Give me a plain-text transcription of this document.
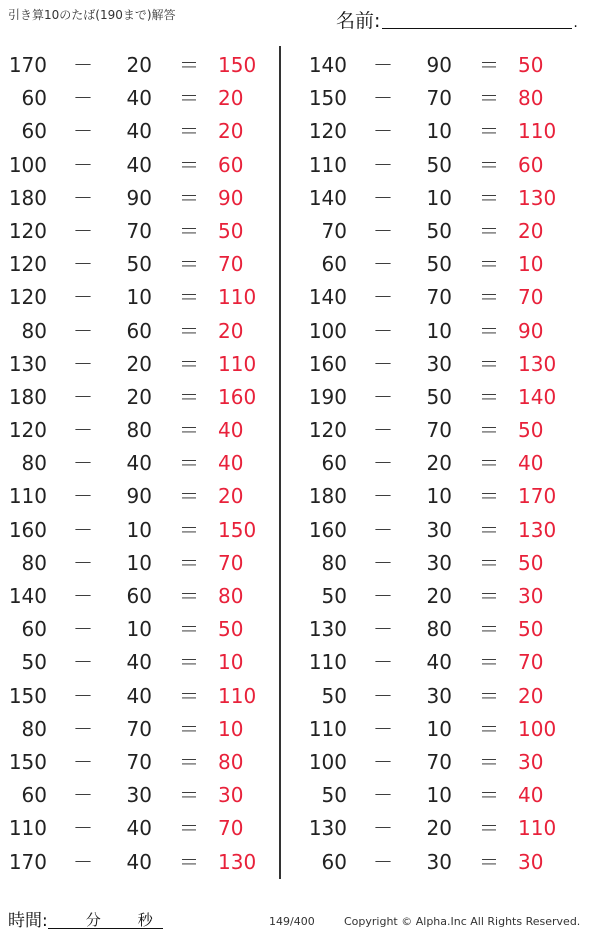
引き算10のたば(190まで)解答	名前:	.
170 －	20 ＝ 150
60 －	40 ＝ 20
60 －	40 ＝ 20
100 －	40 ＝ 60
180 －	90 ＝ 90
120 －	70 ＝ 50
120 －	50 ＝ 70
120 －	10 ＝ 110
80 －	60 ＝ 20
130 －	20 ＝ 110
180 －	20 ＝ 160
120 －	80 ＝ 40
80 －	40 ＝ 40
110 －	90 ＝ 20
160 －	10 ＝ 150
80 －	10 ＝ 70
140 －	60 ＝ 80
60 －	10 ＝ 50
50 －	40 ＝ 10
150 －	40 ＝ 110
80 －	70 ＝ 10
150 －	70 ＝ 80
60 －	30 ＝ 30
110 －	40 ＝ 70
170 －	40 ＝ 130
140 －	90 ＝ 50
150 －	70 ＝ 80
120 －	10 ＝ 110
110 －	50 ＝ 60
140 －	10 ＝ 130
70 －	50 ＝ 20
60 －	50 ＝ 10
140 －	70 ＝ 70
100 －	10 ＝ 90
160 －	30 ＝ 130
190 －	50 ＝ 140
120 －	70 ＝ 50
60 －	20 ＝ 40
180 －	10 ＝ 170
160 －	30 ＝ 130
80 －	30 ＝ 50
50 －	20 ＝ 30
130 －	80 ＝ 50
110 －	40 ＝ 70
50 －	30 ＝ 20
110 －	10 ＝ 100
100 －	70 ＝ 30
50 －	10 ＝ 40
130 －	20 ＝ 110
60 －	30 ＝ 30
時間:	分 秒	149/400	Copyright © Alpha.Inc All Rights Reserved.
